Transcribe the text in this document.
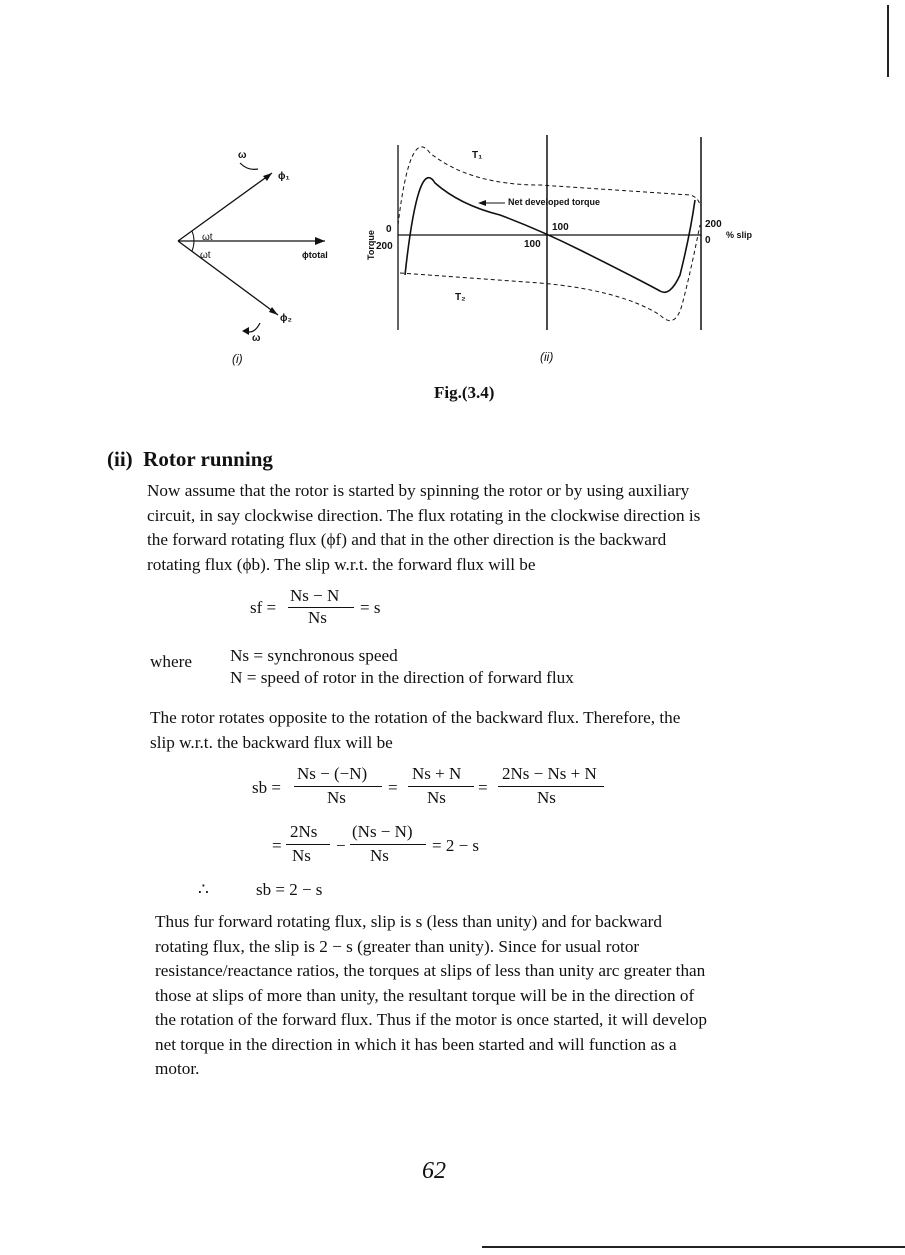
ω
ϕ₁
ωt
ωt	ϕtotal
ϕ₂
ω
T₁
T₂
Net developed torque
Torque
0
200
100
100
200
0 % slip
(i)	(ii)
Fig.(3.4)
(ii) Rotor running
Now assume that the rotor is started by spinning the rotor or by using auxiliary
circuit, in say clockwise direction. The flux rotating in the clockwise direction is
the forward rotating flux (ϕf) and that in the other direction is the backward
rotating flux (ϕb). The slip w.r.t. the forward flux will be
sf =
Ns − N
Ns
= s
where Ns = synchronous speed
N = speed of rotor in the direction of forward flux
The rotor rotates opposite to the rotation of the backward flux. Therefore, the
slip w.r.t. the backward flux will be
sb =
Ns − (−N)
Ns
=
Ns + N
Ns
=
2Ns − Ns + N
Ns
=
2Ns
Ns
−
(Ns − N)
Ns
= 2 − s
∴	sb = 2 − s
Thus fur forward rotating flux, slip is s (less than unity) and for backward
rotating flux, the slip is 2 − s (greater than unity). Since for usual rotor
resistance/reactance ratios, the torques at slips of less than unity arc greater than
those at slips of more than unity, the resultant torque will be in the direction of
the rotation of the forward flux. Thus if the motor is once started, it will develop
net torque in the direction in which it has been started and will function as a
motor.
62
